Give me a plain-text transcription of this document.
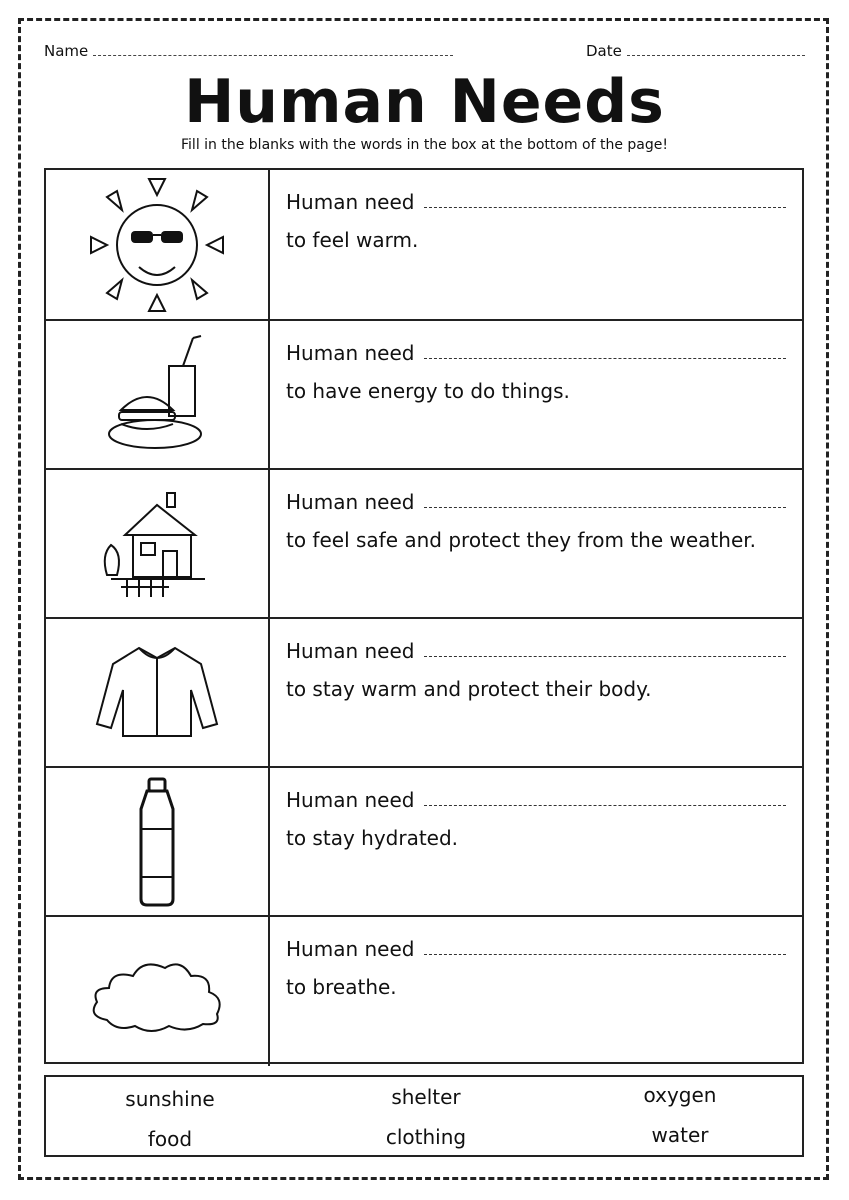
Name	Date
Human Needs
Fill in the blanks with the words in the box at the bottom of the page!
Human need
to feel warm.
Human need
to have energy to do things.
Human need
to feel safe and protect they from the weather.
Human need
to stay warm and protect their body.
Human need
to stay hydrated.
Human need
to breathe.
sunshine	shelter	oxygen
food	clothing	water
